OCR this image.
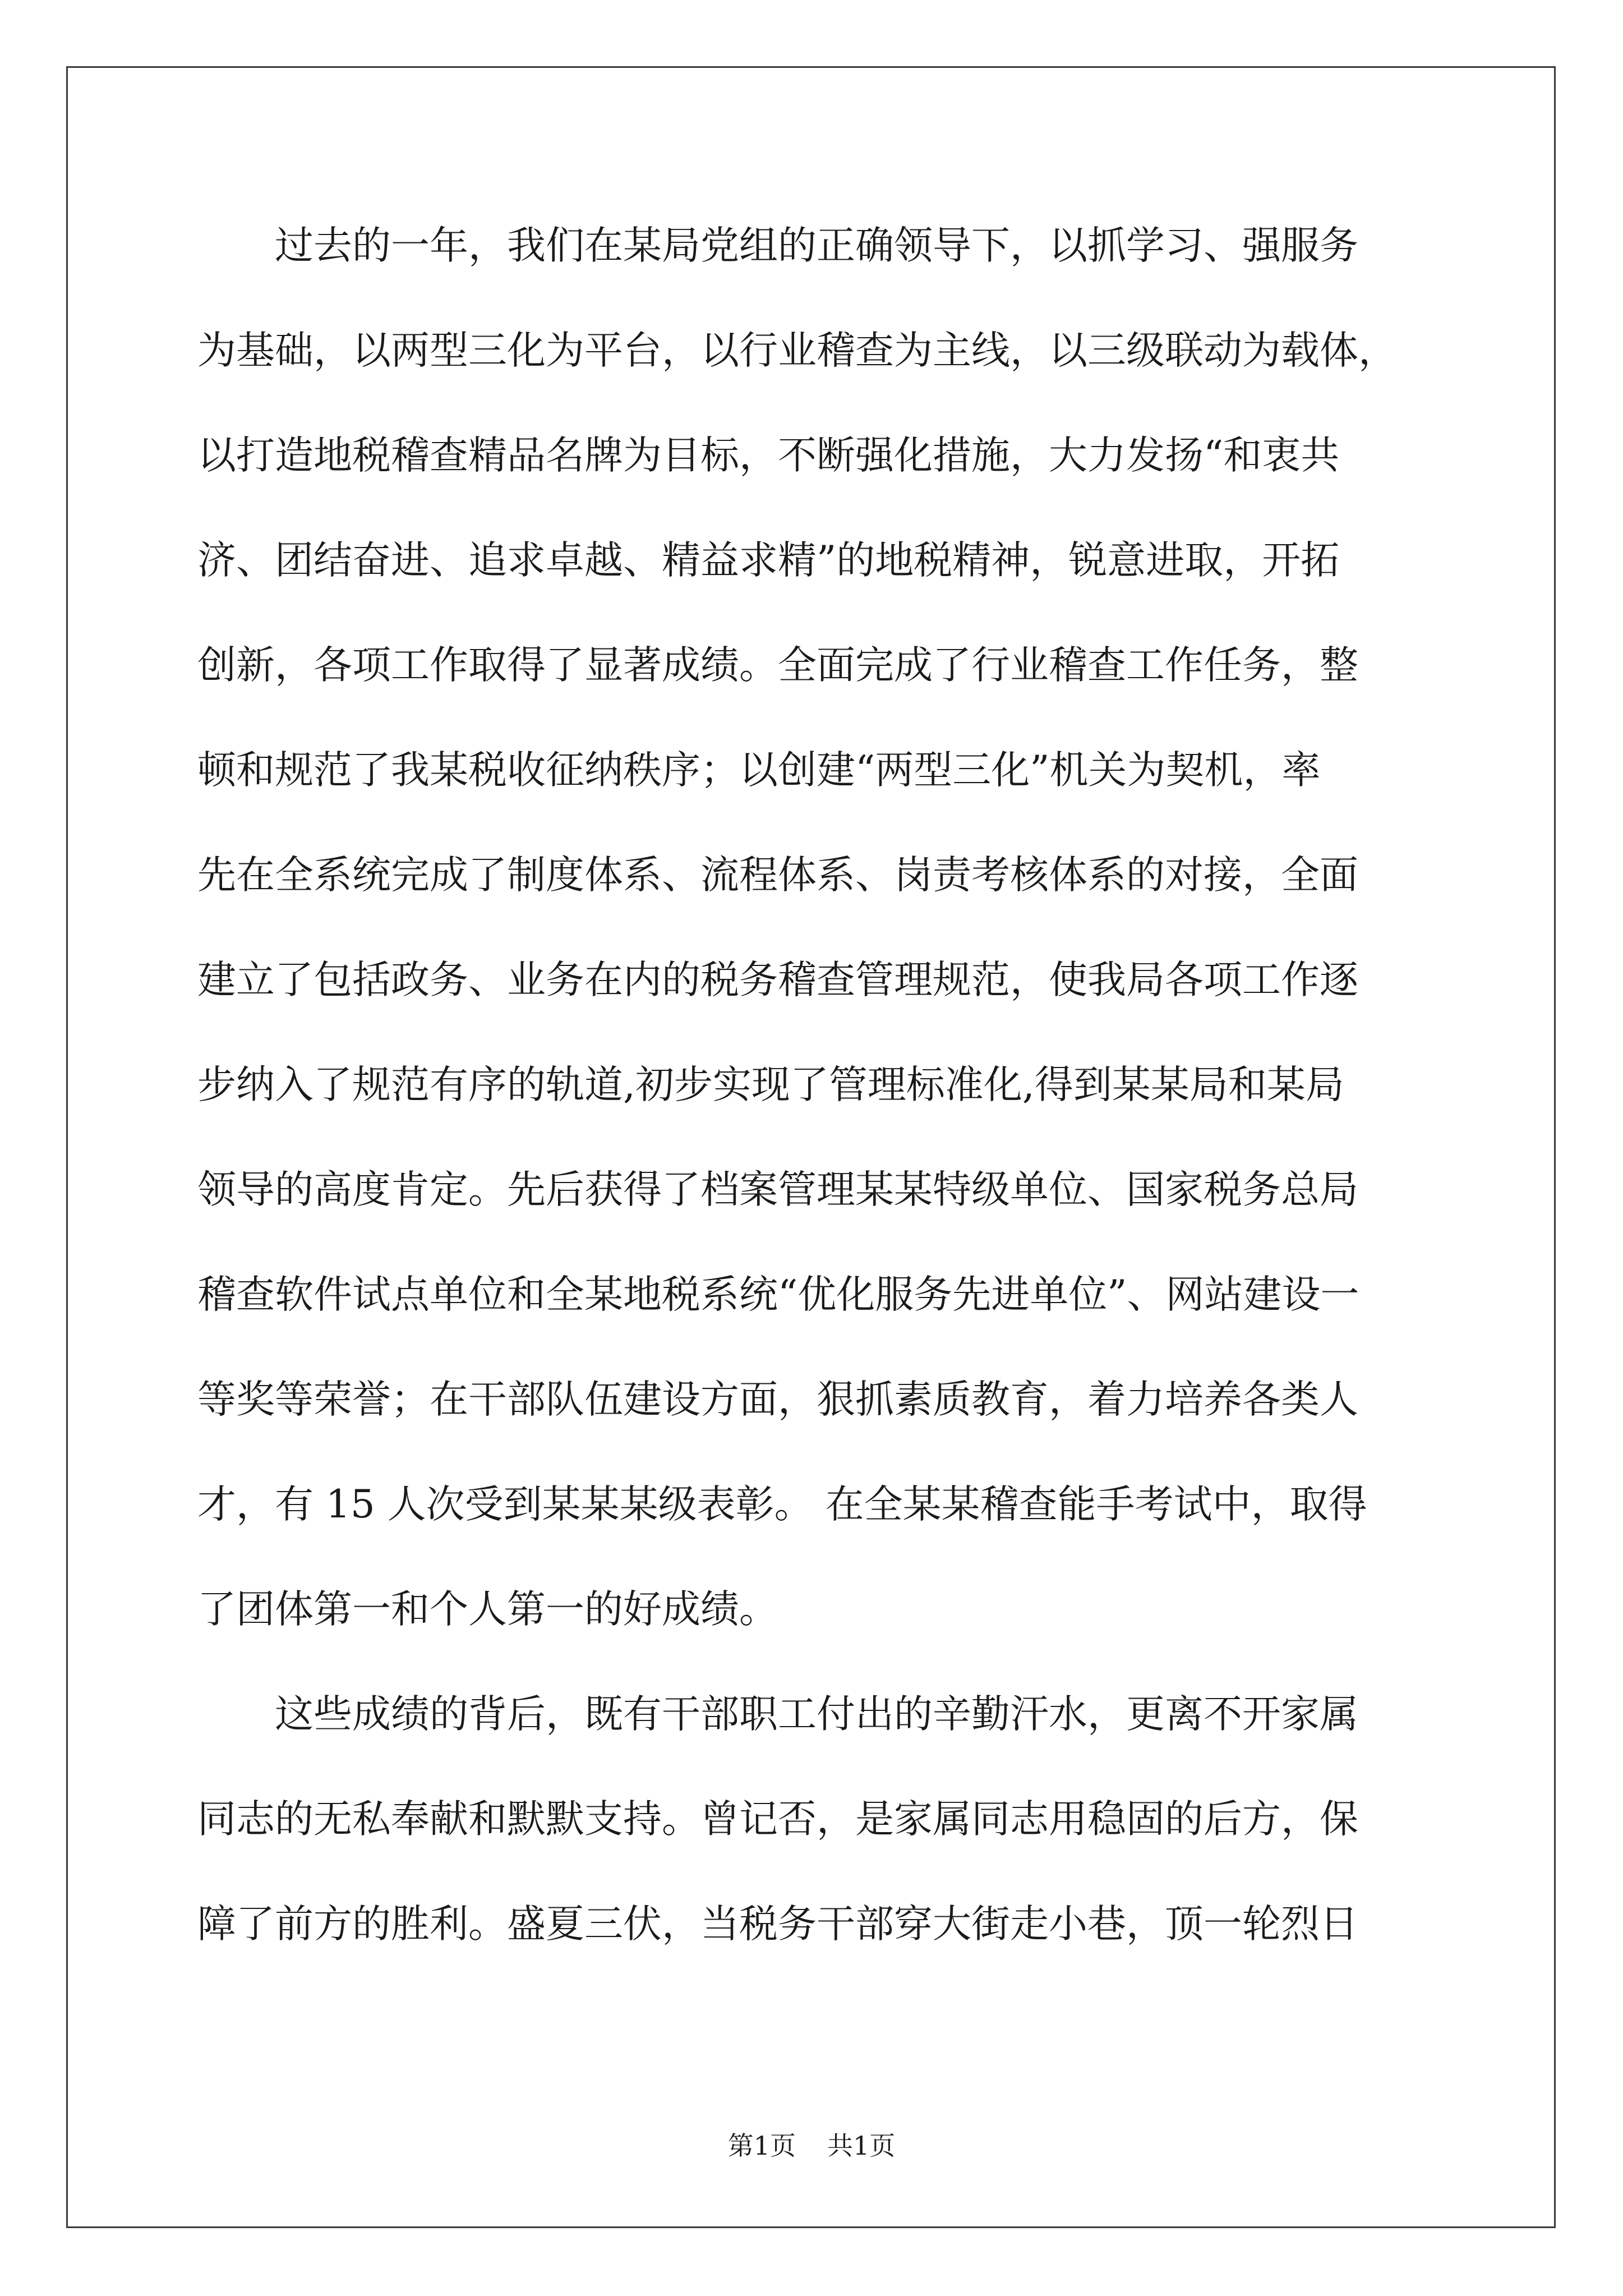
　　过去的一年，我们在某局党组的正确领导下，以抓学习、强服务
为基础，以两型三化为平台，以行业稽查为主线，以三级联动为载体，
以打造地税稽查精品名牌为目标，不断强化措施，大力发扬“和衷共
济、团结奋进、追求卓越、精益求精”的地税精神，锐意进取，开拓
创新，各项工作取得了显著成绩。全面完成了行业稽查工作任务，整
顿和规范了我某税收征纳秩序；以创建“两型三化”机关为契机，率
先在全系统完成了制度体系、流程体系、岗责考核体系的对接，全面
建立了包括政务、业务在内的税务稽查管理规范，使我局各项工作逐
步纳入了规范有序的轨道,初步实现了管理标准化,得到某某局和某局
领导的高度肯定。先后获得了档案管理某某特级单位、国家税务总局
稽查软件试点单位和全某地税系统“优化服务先进单位”、网站建设一
等奖等荣誉；在干部队伍建设方面，狠抓素质教育，着力培养各类人
才，有 15 人次受到某某某级表彰。 在全某某稽查能手考试中，取得
了团体第一和个人第一的好成绩。
　　这些成绩的背后，既有干部职工付出的辛勤汗水，更离不开家属
同志的无私奉献和默默支持。曾记否，是家属同志用稳固的后方，保
障了前方的胜利。盛夏三伏，当税务干部穿大街走小巷，顶一轮烈日
第1页 共1页
